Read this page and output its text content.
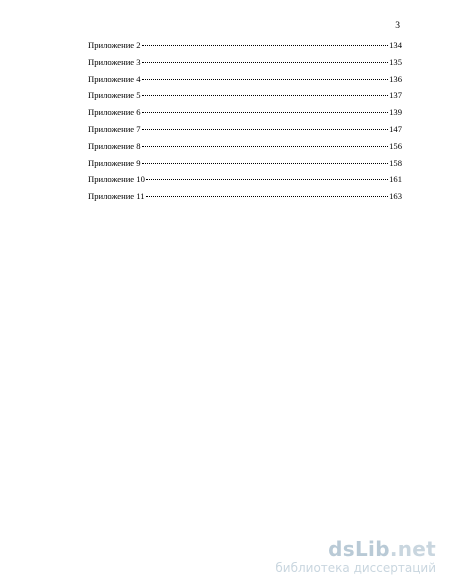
3
Приложение 2	134
Приложение 3	135
Приложение 4	136
Приложение 5	137
Приложение 6	139
Приложение 7	147
Приложение 8	156
Приложение 9	158
Приложение 10	161
Приложение 11	163
dsLib.net
библиотека диссертаций
